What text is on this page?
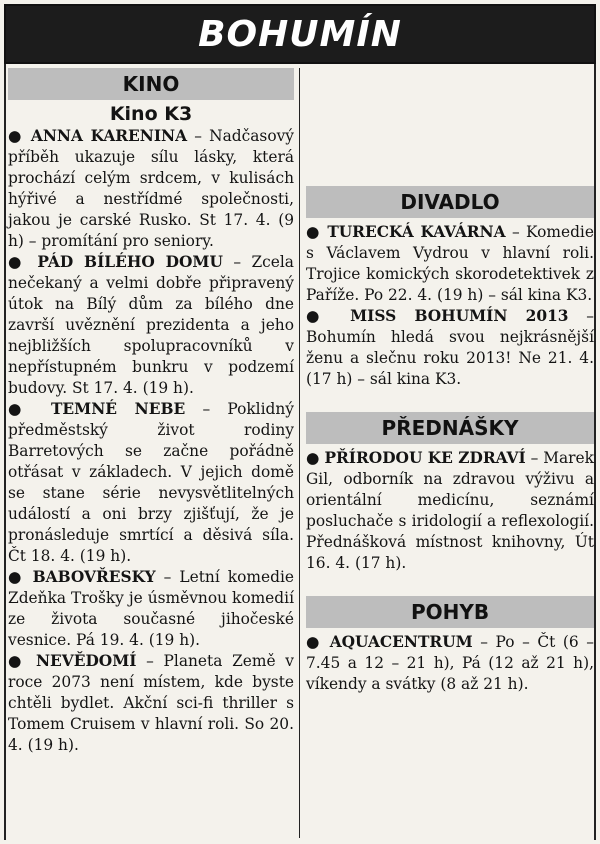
BOHUMÍN
KINO
Kino K3

● ANNA KARENINA – Nadčasový příběh ukazuje sílu lásky, která prochází celým srdcem, v kulisách hýřivé a nestřídmé společnosti, jakou je carské Rusko. St 17. 4. (9 h) – promítání pro seniory.

● PÁD BÍLÉHO DOMU – Zcela nečekaný a velmi dobře připravený útok na Bílý dům za bílého dne završí uvěznění prezidenta a jeho nejbližších spolupracovníků v nepřístupném bunkru v podzemí budovy. St 17. 4. (19 h).

● TEMNÉ NEBE – Poklidný předměstský život rodiny Barretových se začne pořádně otřásat v základech. V jejich domě se stane série nevysvětlitelných událostí a oni brzy zjišťují, že je pronásleduje smrtící a děsivá síla. Čt 18. 4. (19 h).

● BABOVŘESKY – Letní komedie Zdeňka Trošky je úsměvnou komedií ze života současné jihočeské vesnice. Pá 19. 4. (19 h).

● NEVĚDOMÍ – Planeta Země v roce 2073 není místem, kde byste chtěli bydlet. Akční sci-fi thriller s Tomem Cruisem v hlavní roli. So 20. 4. (19 h).

DIVADLO

● TURECKÁ KAVÁRNA – Komedie s Václavem Vydrou v hlavní roli. Trojice komických skorodetektivek z Paříže. Po 22. 4. (19 h) – sál kina K3.

● MISS BOHUMÍN 2013 – Bohumín hledá svou nejkrásnější ženu a slečnu roku 2013! Ne 21. 4. (17 h) – sál kina K3.

PŘEDNÁŠKY

● PŘÍRODOU KE ZDRAVÍ – Marek Gil, odborník na zdravou výživu a orientální medicínu, seznámí posluchače s iridologií a reflexologií. Přednášková místnost knihovny, Út 16. 4. (17 h).

POHYB

● AQUACENTRUM – Po – Čt (6 – 7.45 a 12 – 21 h), Pá (12 až 21 h), víkendy a svátky (8 až 21 h).
